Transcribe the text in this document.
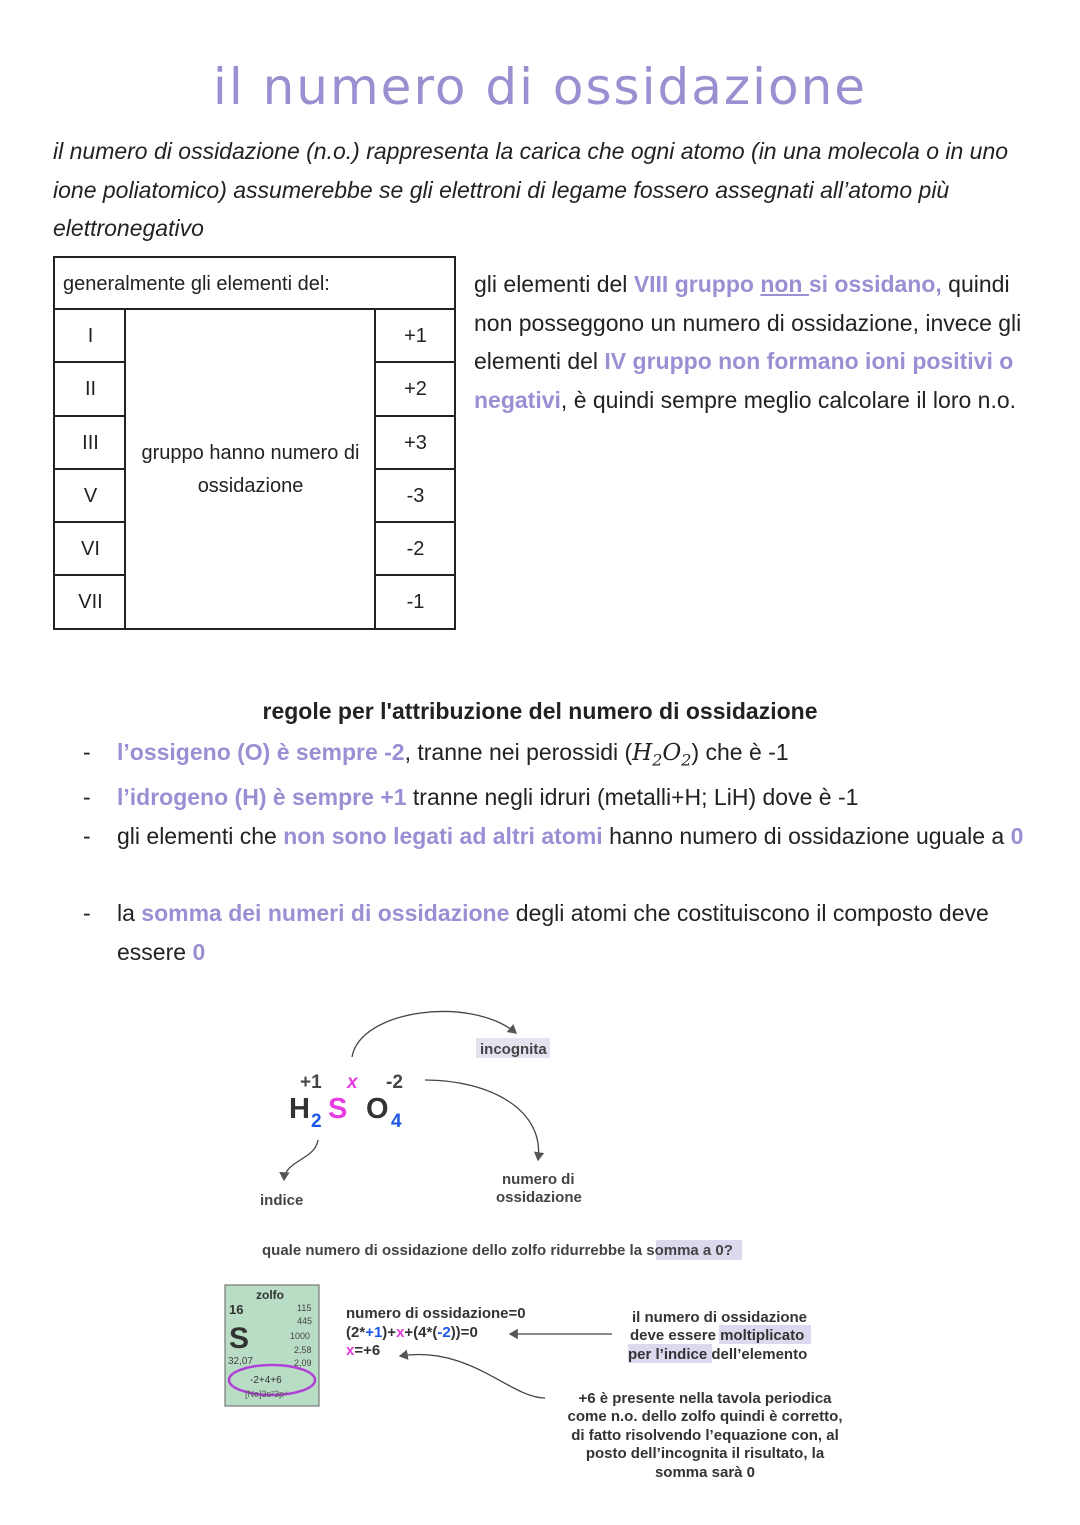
il numero di ossidazione
il numero di ossidazione (n.o.) rappresenta la carica che ogni atomo (in una molecola o in uno ione poliatomico) assumerebbe se gli elettroni di legame fossero assegnati all’atomo più elettronegativo
generalmente gli elementi del:
I
II
III
V
VI
VII
gruppo hanno numero di ossidazione
+1
+2
+3
-3
-2
-1
gli elementi del VIII gruppo non si ossidano, quindi non posseggono un numero di ossidazione, invece gli elementi del IV gruppo non formano ioni positivi o negativi, è quindi sempre meglio calcolare il loro n.o.
regole per l'attribuzione del numero di ossidazione
- l’ossigeno (O) è sempre -2, tranne nei perossidi $(H_2O_2)$ che è -1
- l’idrogeno (H) è sempre +1 tranne negli idruri (metalli+H; LiH) dove è -1
- gli elementi che non sono legati ad altri atomi hanno numero di ossidazione uguale a 0
- la somma dei numeri di ossidazione degli atomi che costituiscono il composto deve essere 0
incognita
+1 x -2
H 2 S O 4
indice
numero di
ossidazione
quale numero di ossidazione dello zolfo ridurrebbe la somma a 0?
zolfo
16
S
32,07
115
445
1000
2,58
2,09
-2+4+6
[Ne]3s²3p⁴
numero di ossidazione=0
(2*+1)+x+(4*(-2))=0
x=+6
il numero di ossidazione
deve essere moltiplicato
per l’indice dell’elemento
+6 è presente nella tavola periodica
come n.o. dello zolfo quindi è corretto,
di fatto risolvendo l’equazione con, al
posto dell’incognita il risultato, la
somma sarà 0
